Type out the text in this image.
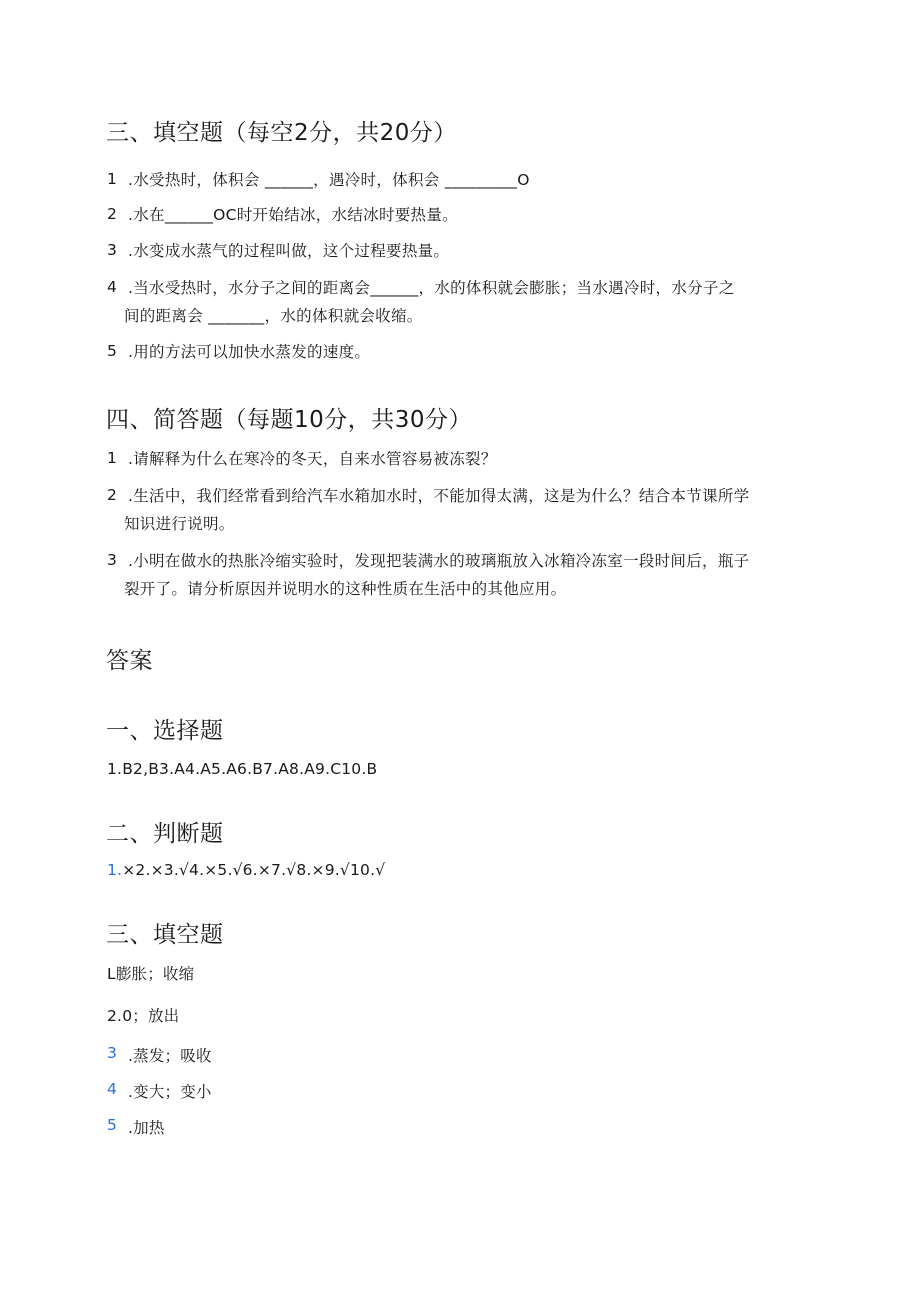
三、填空题（每空2分，共20分）
1 .水受热时，体积会 ______，遇冷时，体积会 _________O
2 .水在______OC时开始结冰，水结冰时要热量。
3 .水变成水蒸气的过程叫做，这个过程要热量。
4 .当水受热时，水分子之间的距离会______，水的体积就会膨胀；当水遇冷时，水分子之
间的距离会 _______，水的体积就会收缩。
5 .用的方法可以加快水蒸发的速度。
四、简答题（每题10分，共30分）
1 .请解释为什么在寒冷的冬天，自来水管容易被冻裂？
2 .生活中，我们经常看到给汽车水箱加水时，不能加得太满，这是为什么？结合本节课所学
知识进行说明。
3 .小明在做水的热胀冷缩实验时，发现把装满水的玻璃瓶放入冰箱冷冻室一段时间后，瓶子
裂开了。请分析原因并说明水的这种性质在生活中的其他应用。
答案
一、选择题
1.B2,B3.A4.A5.A6.B7.A8.A9.C10.B
二、判断题
1.×2.×3.√4.×5.√6.×7.√8.×9.√10.√
三、填空题
L膨胀；收缩
2.0；放出
3 .蒸发；吸收
4 .变大；变小
5 .加热
